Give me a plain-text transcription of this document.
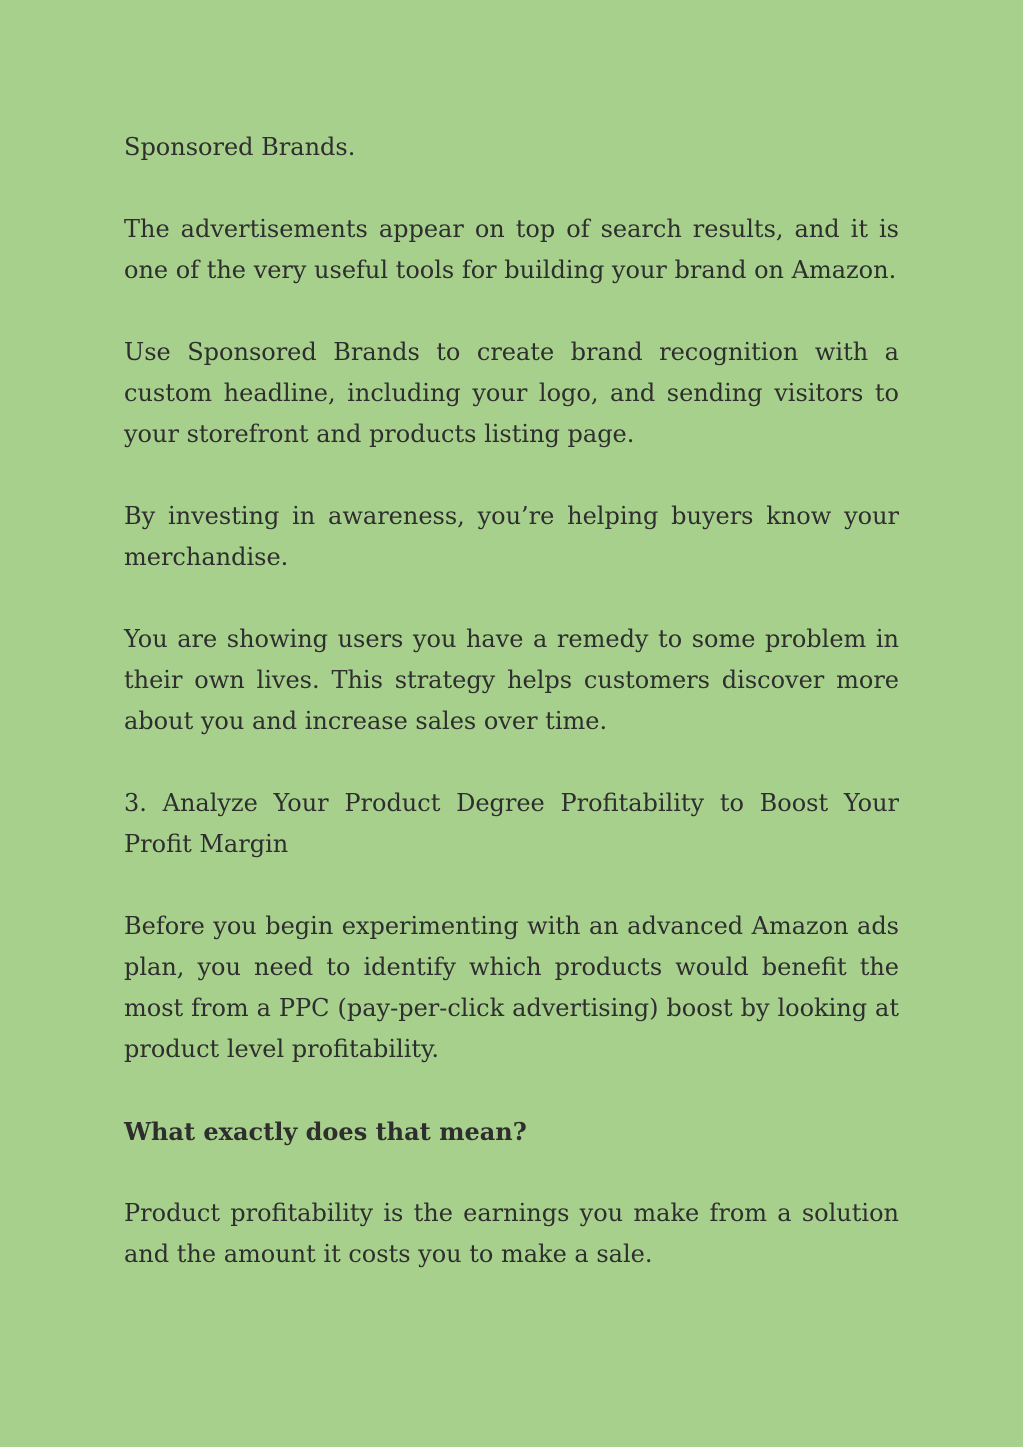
Sponsored Brands.

The advertisements appear on top of search results, and it is one of the very useful tools for building your brand on Amazon.

Use Sponsored Brands to create brand recognition with a custom headline, including your logo, and sending visitors to your storefront and products listing page.

By investing in awareness, you’re helping buyers know your merchandise.

You are showing users you have a remedy to some problem in their own lives. This strategy helps customers discover more about you and increase sales over time.

3. Analyze Your Product Degree Profitability to Boost Your Profit Margin

Before you begin experimenting with an advanced Amazon ads plan, you need to identify which products would benefit the most from a PPC (pay-per-click advertising) boost by looking at product level profitability.

What exactly does that mean?

Product profitability is the earnings you make from a solution and the amount it costs you to make a sale.
